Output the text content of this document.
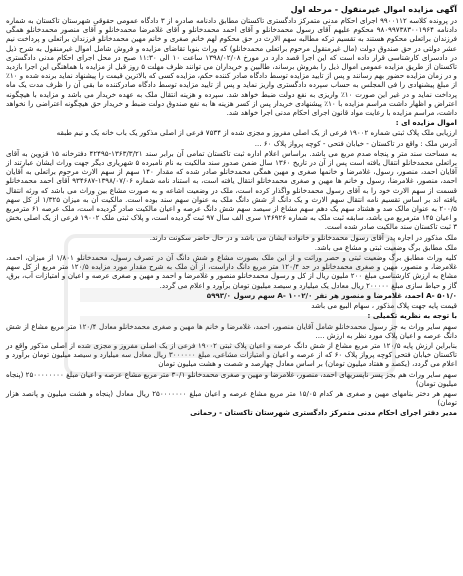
آگهی مزایده اموال غیرمنقول - مرحله اول
در پرونده کلاسه ۹۹۰۰۱۱۲ اجرای احکام مدنی متمرکز دادگستری تاکستان مطابق دادنامه صادره از ۳ دادگاه عمومی حقوقی شهرستان تاکستان به شماره دادنامه ۹۸۰۹۹۷۳۸۳۰۰۱۹۶۴ محکوم علیهم آقای رسول محمدخانلو و آقای احمد محمدخانلو و آقای غلامرضا محمدخانلو و آقای منصور محمدخانلو همگی فرزندان براتعلی محکوم هستند به تقسیم ترکه مطالبه سهم الارث در حق محکوم لهم خانم صغری و خانم مهین محمدخانلو فرزندان براتعلی و پرداخت نیم عشر دولتی در حق صندوق دولت (مال غیرمنقول مرحوم براتعلی محمدخانلو) که وراث بنوبا تقاضای مزایده و فروش شامل اموال غیرمنقول به شرح ذیل در دادسرای کارشناسی قرار داده است که این اجرا قصد دارد در مورخ ۱۳۹۸/۰۲/۰۸ ساعت ۱۰ الی ۱۱:۳۰ صبح در محل اجرای احکام مدنی دادگستری تاکستان از طریق مزایده عمومی اموال ذیل را بفروش برساند، طالبین و خریداران می توانند ظرف مهلت ۵ روز قبل از مزایده با هماهنگی این اجرا بازدید و در زمان مزایده حضور بهم رسانند و پس از تایید مزایده توسط دادگاه صادر کننده حکم، مزایده کسی که بالاترین قیمت را پیشنهاد نماید برنده شده و ۱۰٪ از مبلغ پیشنهادی را فی المجلس به حساب سپرده دادگستری واریز نماید و پس از تایید مزایده توسط دادگاه صادرکننده ما بقی آن را ظرف مدت یک ماه پرداخت نماید و در غیر این صورت ۱۰٪ واریزی به نفع دولت ضبط خواهد شد. سپرده و هزینه انتقال ملک به عهده خریدار می باشد و مزایده با هیچگونه اعتراض و اظهار داشت مراسم مزایده با ۱۰٪ پیشنهادی خریدار پس از کسر هزینه ها به نفع صندوق دولت ضبط و خریدار حق هیچگونه اعتراضی را نخواهد داشت، مراسم مزایده با رعایت مواد قانون اجرای احکام مدنی اجرا خواهد شد.
اموال مزایده ای :
ارزیابی ملک پلاک ثبتی شماره ۱۹۰۰۲ فرعی از یک اصلی مفروز و مجزی شده از ۷۵۳۴ فرعی از اصلی مذکور یک باب خانه یک و نیم طبقه
آدرس ملک : واقع در تاکستان - خیابان فتحی - کوچه پرواز پلاک ۶۰ ...
به مساحت سند متر و پنجاه صدم مربع می باشد. براساس اعلام اداره ثبت تاکستان تمامی آن برابر سند ۱۳۶۳/۳/۲۱-۴۲۴۹۵ دفترخانه ۱۵ قزوین به آقای براتعلی محمدخانلو انتقال یافته است پس از آن در تاریخ ۱۳۶۰ سال ضمن صدور سند مالکیت به نام نامبرده ۵ شهریاری دیگر جهت وراث ایشان عبارتند از آقایان احمد، منصور، رسول، غلامرضا و خانمها صغری و مهین همگی محمدخانلو صادر شده که مقدار ۱۴۰ سهم از سهم الارث مرحوم براتعلی به آقایان احمد، منصور، غلامرضا، رسول و خانم ها مهین و صغری محمدخانلو انتقال یافته است، به استناد نامه شماره ۱۳۹۸/۰۷/۰۶-۹۳۴۶۸۷ آقای احمد محمدخانلو قسمت از سهم الارث خود را به آقای رسول محمدخانلو واگذار کرده است، ملک در وضعیت اشاعه و به صورت مشاع بین وراث می باشد که ورثه انتقال یافته اند بر اساس تقسیم نامه انتقال سهم الارث و یک دانگ از شش دانگ ملک به عنوان سهم سند بوده است. مالکیت آن به میزان ۱/۳۲۵ از کل سهم ۲۰۰/۵ به عنوان مالک صد و هشتاد سهم یک دهم سهم مشاع از سیصد سهم شش دانگ عرصه و اعیان مالکیت صادر گردیده است، ملک عرصه ۶۱ مترمربع و اعیان ۱۴۵ مترمربع می باشد، سابقه ثبت ملک به شماره ۱۴۶۹۲۶ سری الف سال ۹۷ ثبت گردیده است، و پلاک ثبتی ملک ۱۹۰۰۲ فرعی از یک اصلی بخش ۳ ثبت تاکستان سند مالکیت صادر شده است.
ملک مذکور در اجاره پدر آقای رسول محمدخانلو و خانواده ایشان می باشد و در حال حاضر سکونت دارند.
ملک مطابق برگ وضعیت ثبتی و مشاع می باشد.
کلیه وراث مطابق برگ وضعیت ثبتی و حصر وراثت و از این ملک بصورت مشاع و شش دانگ آن در تصرف رسول، محمدخانلو ۱/۸۰۱ از میزان، احمد، غلامرضا، و منصور، مهین و صغری محمدخانلو در حد ۱۲۰/۴ متر مربع دانگ داراست، از آن ملک به شرح مقدار مورد مزایده ۱۲۰/۵ متر مربع از کل سهم مشاع به ارزش کارشناسی مبلغ ۲۰۰ ملیون ریال از کل و رسول محمدخانلو منصور و غلامرضا و احمد و مهین و صغری عرصه و اعیان و امتیازات آب، برق، گاز و حیاط سازی مبلغ ۲۰۰۰۰۰ ریال معادل یک میلیارد و سیصد میلیون تومان برآورد و اعلام می گردد.
۵۰۱/۰ -A احمد، غلامرضا و منصور هر نفر ۱۰۰۲/۰ -A سهم رسول ۵۹۹۳/۰
قیمت پایه جهت پلاک مذکور ، سهام البیع می باشد
با توجه به نظریه تکمیلی :
سهم سایر وراث به جز رسول محمدخانلو شامل آقایان منصور، احمد، غلامرضا و خانم ها مهین و صغری محمدخانلو معادل ۱۲۰/۴ متر مربع مشاع از شش دانگ عرصه و اعیان پلاک مورد نظر به ارزش ....
بنابراین ارزش پایه ۱۲۰/۵ متر مربع مشاع از شش دانگ عرصه و اعیان پلاک ثبتی ۱۹۰۰۲ فرعی از یک اصلی مفروز و مجزی شده از اصلی مذکور واقع در تاکستان خیابان فتحی کوچه پرواز پلاک ۶۰ که از عرصه و اعیان و امتیازات مشاعی، مبلغ ۳۰۰۰۰۰۰ ریال معادل سه میلیارد و سیصد میلیون تومان برآورد و اعلام می گردد، (یکصد و هفتاد میلیون تومان) بر اساس معادل چهارصد و شصت و هشت میلیون تومان
سهم سایر وراث هم بجز پسر ناپسریهای احمد، منصور، غلامرضا و مهین و صغری محمدخانلو ۳۰/۱ متر مربع مشاع عرصه و اعیان مبلغ ۲۵۰۰۰۰۰۰۰۰ (پنجاه میلیون تومان)
سهم هر دختر بنامهای مهین و صغری هر کدام ۱۵/۰۵ متر مربع مشاع عرصه و اعیان مبلغ ۲۵۰۰۰۰۰۰۰ ریال معادل (پنجاه و هشت میلیون و پانصد هزار تومان)
مدیر دفتر اجرای احکام مدنی متمرکز دادگستری شهرستان تاکستان - رحمانی
